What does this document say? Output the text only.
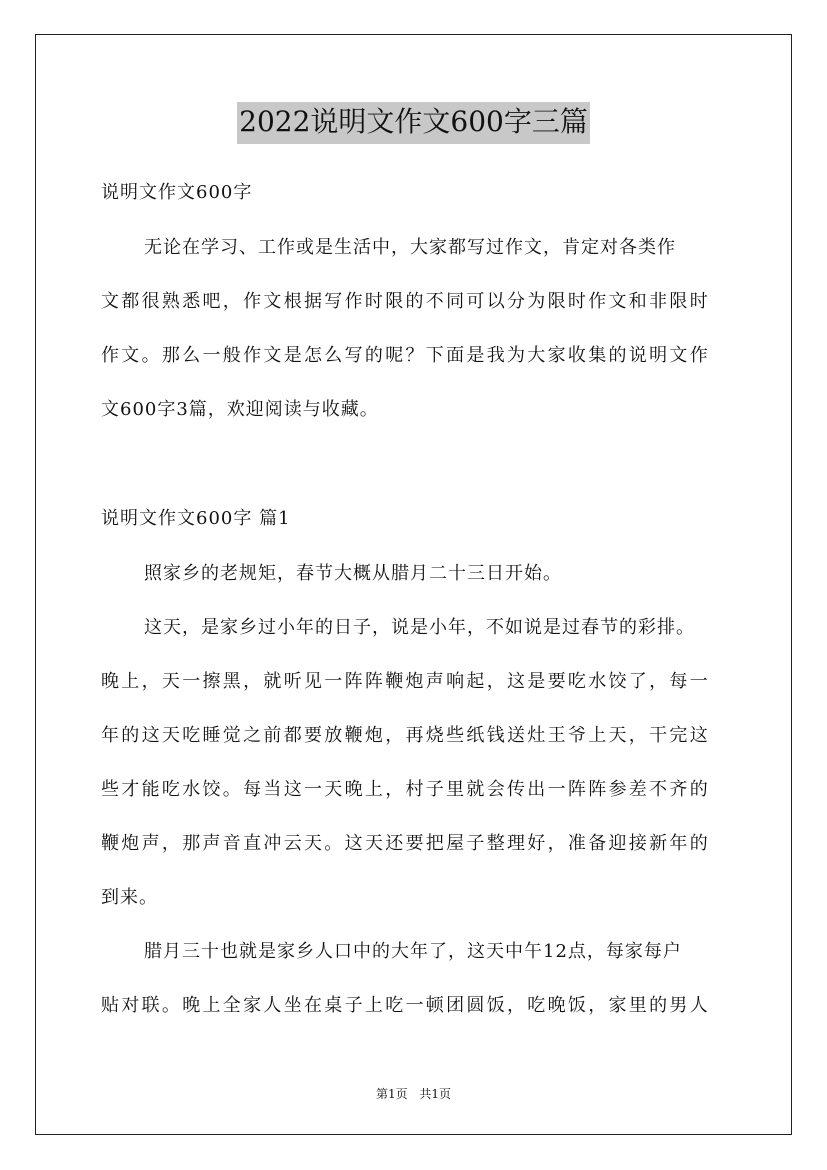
2022说明文作文600字三篇
说明文作文600字
无论在学习、工作或是生活中，大家都写过作文，肯定对各类作
文都很熟悉吧，作文根据写作时限的不同可以分为限时作文和非限时
作文。那么一般作文是怎么写的呢？下面是我为大家收集的说明文作
文600字3篇，欢迎阅读与收藏。
说明文作文600字 篇1
照家乡的老规矩，春节大概从腊月二十三日开始。
这天，是家乡过小年的日子，说是小年，不如说是过春节的彩排。
晚上，天一擦黑，就听见一阵阵鞭炮声响起，这是要吃水饺了，每一
年的这天吃睡觉之前都要放鞭炮，再烧些纸钱送灶王爷上天，干完这
些才能吃水饺。每当这一天晚上，村子里就会传出一阵阵参差不齐的
鞭炮声，那声音直冲云天。这天还要把屋子整理好，准备迎接新年的
到来。
腊月三十也就是家乡人口中的大年了，这天中午12点，每家每户
贴对联。晚上全家人坐在桌子上吃一顿团圆饭，吃晚饭，家里的男人
第1页 共1页
